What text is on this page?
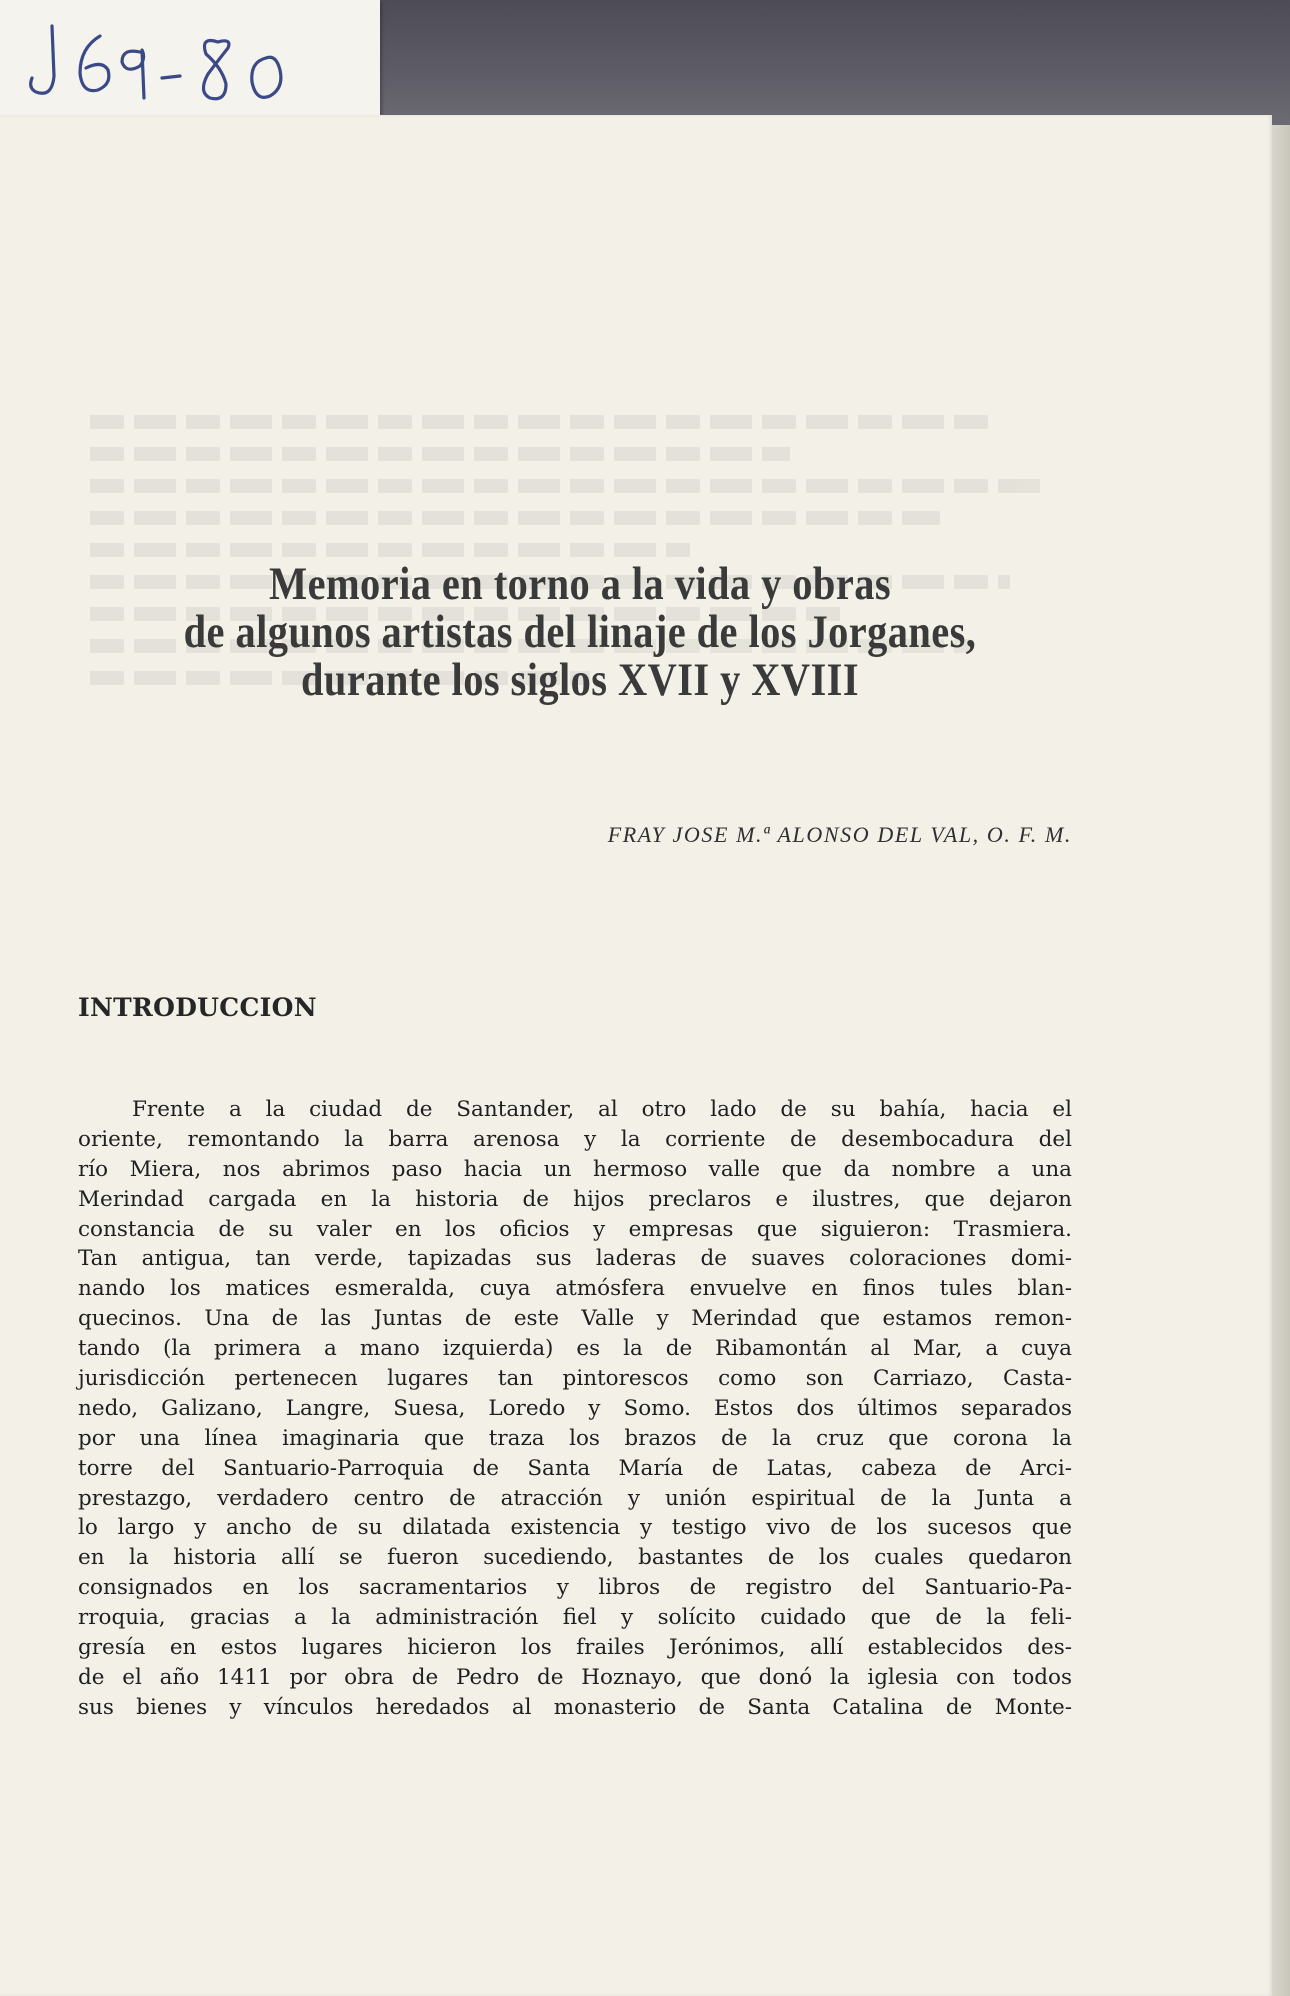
Memoria en torno a la vida y obras
de algunos artistas del linaje de los Jorganes,
durante los siglos XVII y XVIII

FRAY JOSE M.ª ALONSO DEL VAL, O. F. M.

INTRODUCCION
Frente a la ciudad de Santander, al otro lado de su bahía, hacia el
oriente, remontando la barra arenosa y la corriente de desembocadura del
río Miera, nos abrimos paso hacia un hermoso valle que da nombre a una
Merindad cargada en la historia de hijos preclaros e ilustres, que dejaron
constancia de su valer en los oficios y empresas que siguieron: Trasmiera.
Tan antigua, tan verde, tapizadas sus laderas de suaves coloraciones domi-
nando los matices esmeralda, cuya atmósfera envuelve en finos tules blan-
quecinos. Una de las Juntas de este Valle y Merindad que estamos remon-
tando (la primera a mano izquierda) es la de Ribamontán al Mar, a cuya
jurisdicción pertenecen lugares tan pintorescos como son Carriazo, Casta-
nedo, Galizano, Langre, Suesa, Loredo y Somo. Estos dos últimos separados
por una línea imaginaria que traza los brazos de la cruz que corona la
torre del Santuario-Parroquia de Santa María de Latas, cabeza de Arci-
prestazgo, verdadero centro de atracción y unión espiritual de la Junta a
lo largo y ancho de su dilatada existencia y testigo vivo de los sucesos que
en la historia allí se fueron sucediendo, bastantes de los cuales quedaron
consignados en los sacramentarios y libros de registro del Santuario-Pa-
rroquia, gracias a la administración fiel y solícito cuidado que de la feli-
gresía en estos lugares hicieron los frailes Jerónimos, allí establecidos des-
de el año 1411 por obra de Pedro de Hoznayo, que donó la iglesia con todos
sus bienes y vínculos heredados al monasterio de Santa Catalina de Monte-
